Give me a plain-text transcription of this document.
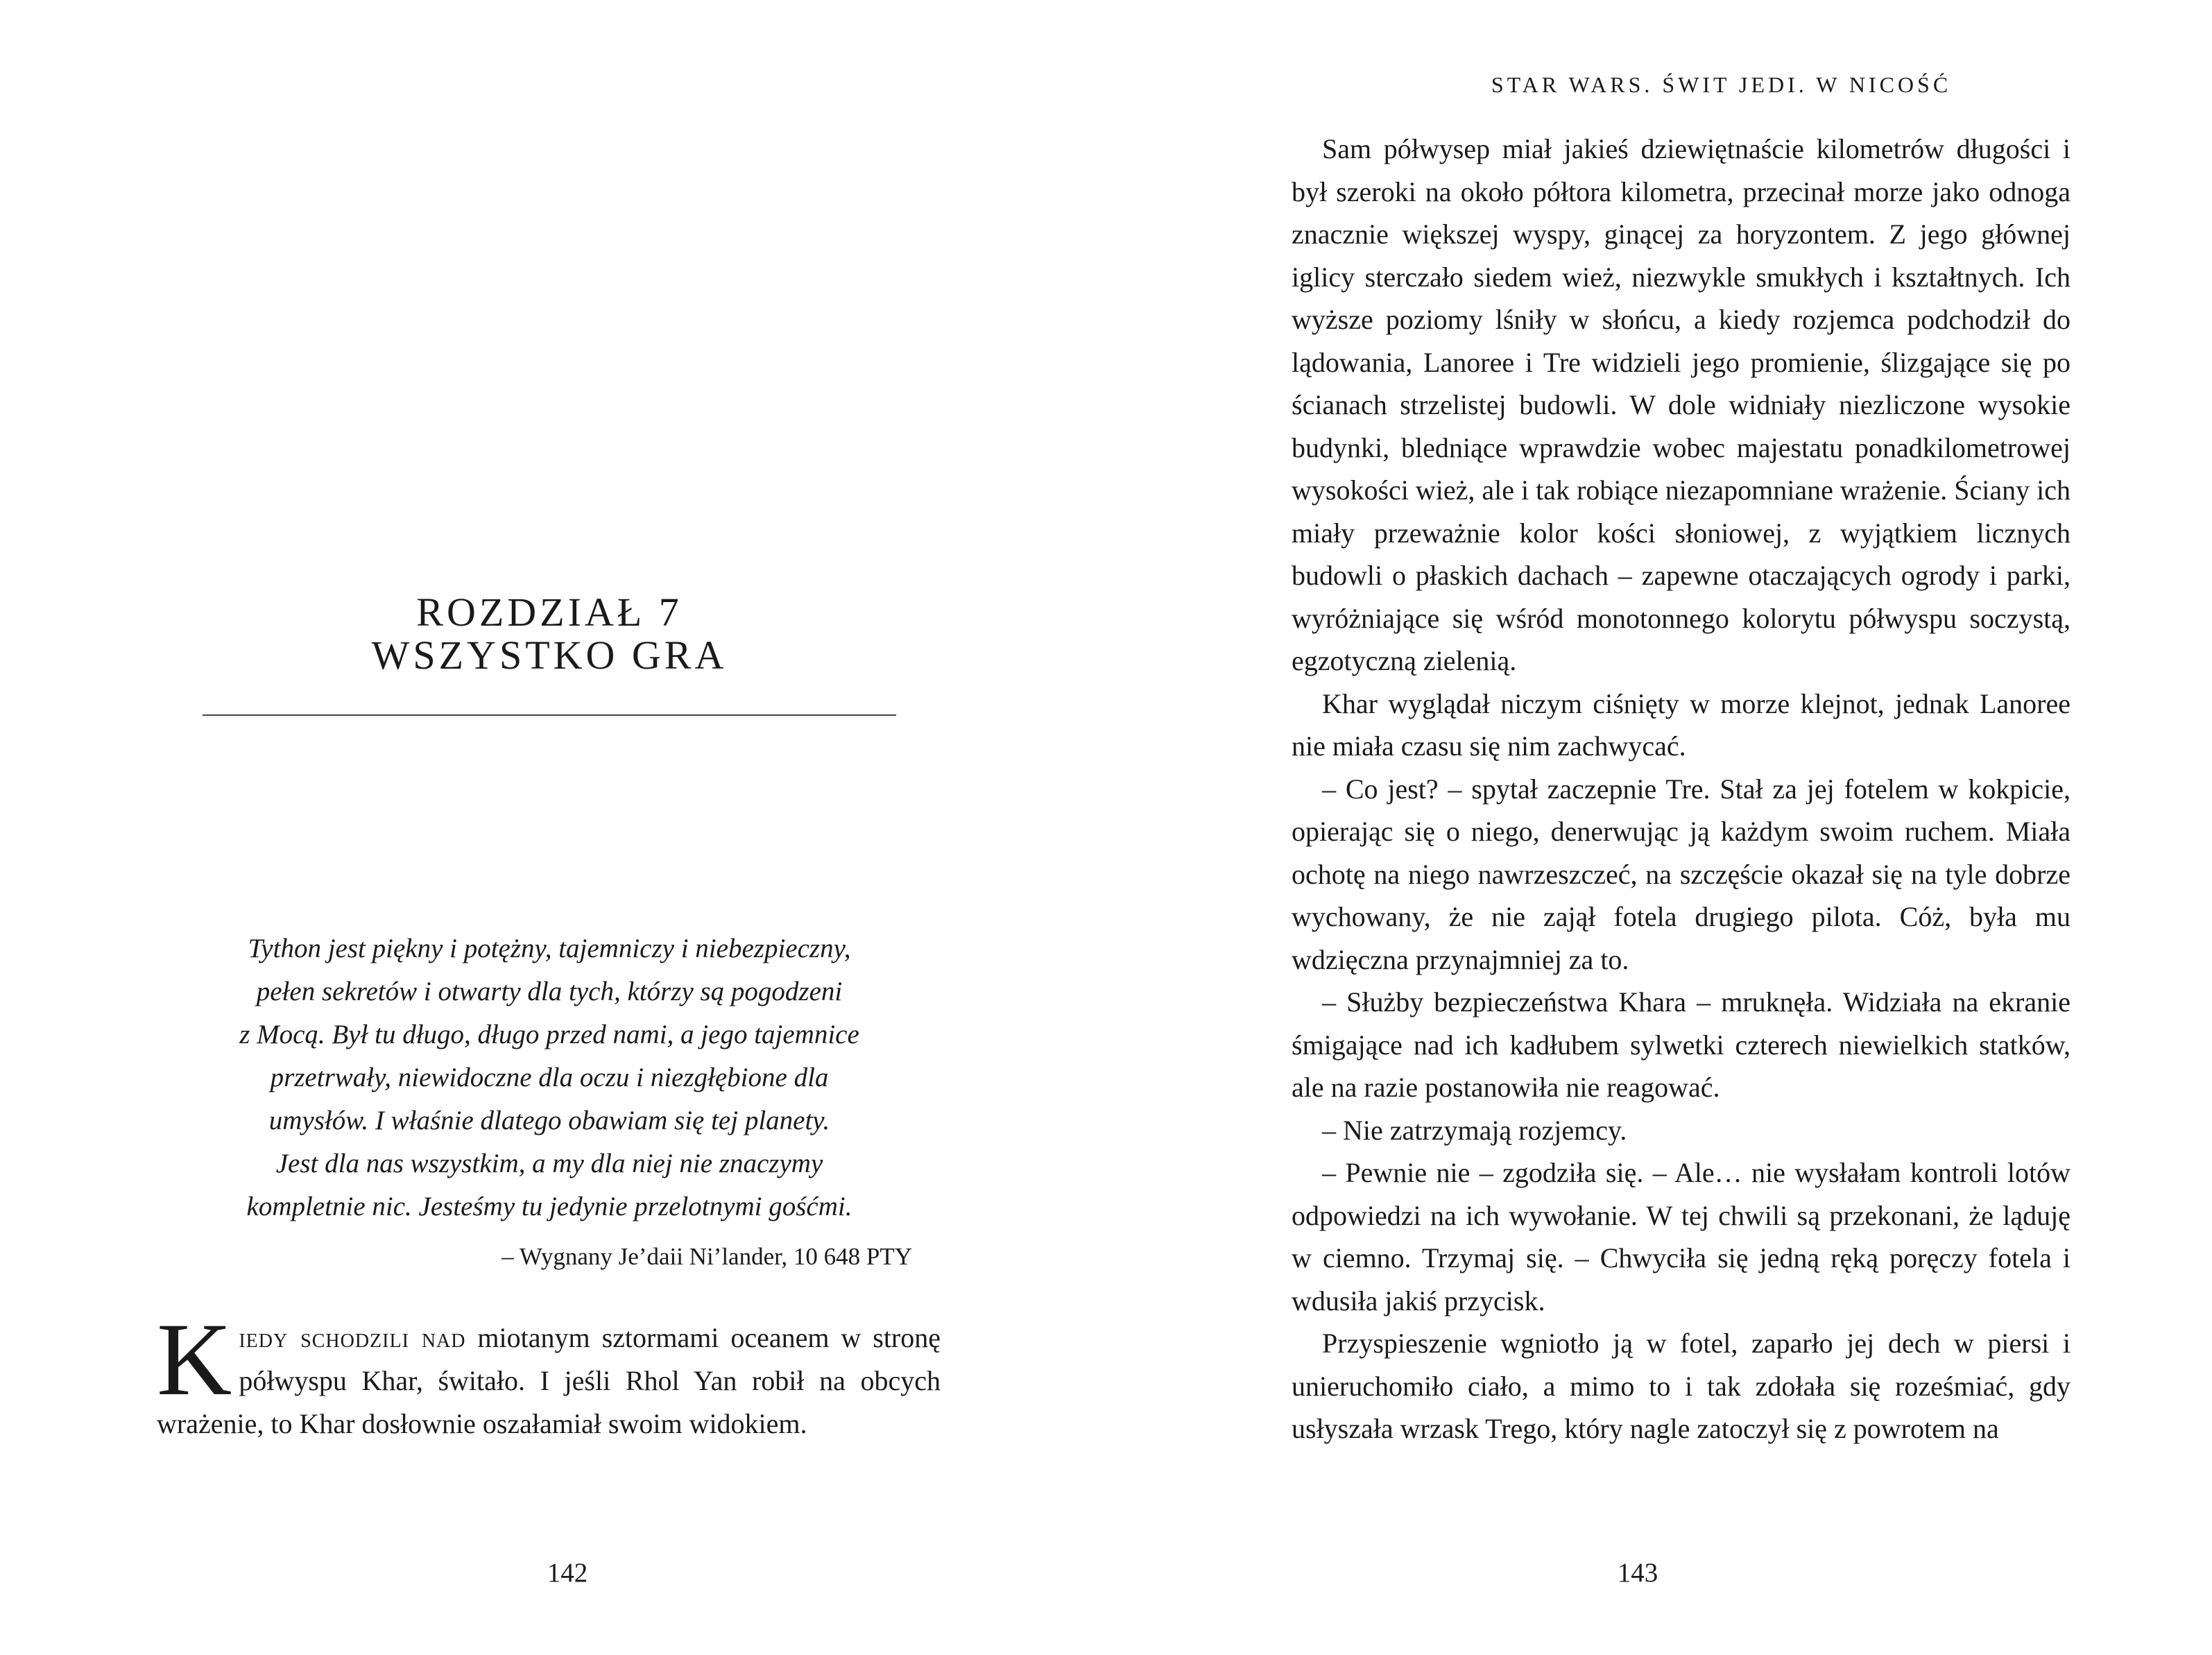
ROZDZIAŁ 7
WSZYSTKO GRA
Tython jest piękny i potężny, tajemniczy i niebezpieczny,
pełen sekretów i otwarty dla tych, którzy są pogodzeni
z Mocą. Był tu długo, długo przed nami, a jego tajemnice
przetrwały, niewidoczne dla oczu i niezgłębione dla
umysłów. I właśnie dlatego obawiam się tej planety.
Jest dla nas wszystkim, a my dla niej nie znaczymy
kompletnie nic. Jesteśmy tu jedynie przelotnymi gośćmi.
– Wygnany Je’daii Ni’lander, 10 648 PTY
Kiedy schodzili nad miotanym sztormami oceanem w stronę półwyspu Khar, świtało. I jeśli Rhol Yan robił na obcych wrażenie, to Khar dosłownie oszałamiał swoim widokiem.
142
STAR WARS. ŚWIT JEDI. W NICOŚĆ

Sam półwysep miał jakieś dziewiętnaście kilometrów długości i był szeroki na około półtora kilometra, przecinał morze jako odnoga znacznie większej wyspy, ginącej za horyzontem. Z jego głównej iglicy sterczało siedem wież, niezwykle smukłych i kształtnych. Ich wyższe poziomy lśniły w słońcu, a kiedy rozjemca podchodził do lądowania, Lanoree i Tre widzieli jego promienie, ślizgające się po ścianach strzelistej budowli. W dole widniały niezliczone wysokie budynki, bledniące wprawdzie wobec majestatu ponadkilometrowej wysokości wież, ale i tak robiące niezapomniane wrażenie. Ściany ich miały przeważnie kolor kości słoniowej, z wyjątkiem licznych budowli o płaskich dachach – zapewne otaczających ogrody i parki, wyróżniające się wśród monotonnego kolorytu półwyspu soczystą, egzotyczną zielenią.

Khar wyglądał niczym ciśnięty w morze klejnot, jednak Lanoree nie miała czasu się nim zachwycać.

– Co jest? – spytał zaczepnie Tre. Stał za jej fotelem w kokpicie, opierając się o niego, denerwując ją każdym swoim ruchem. Miała ochotę na niego nawrzeszczeć, na szczęście okazał się na tyle dobrze wychowany, że nie zajął fotela drugiego pilota. Cóż, była mu wdzięczna przynajmniej za to.

– Służby bezpieczeństwa Khara – mruknęła. Widziała na ekranie śmigające nad ich kadłubem sylwetki czterech niewielkich statków, ale na razie postanowiła nie reagować.

– Nie zatrzymają rozjemcy.

– Pewnie nie – zgodziła się. – Ale… nie wysłałam kontroli lotów odpowiedzi na ich wywołanie. W tej chwili są przekonani, że ląduję w ciemno. Trzymaj się. – Chwyciła się jedną ręką poręczy fotela i wdusiła jakiś przycisk.

Przyspieszenie wgniotło ją w fotel, zaparło jej dech w piersi i unieruchomiło ciało, a mimo to i tak zdołała się roześmiać, gdy usłyszała wrzask Trego, który nagle zatoczył się z powrotem na

143
